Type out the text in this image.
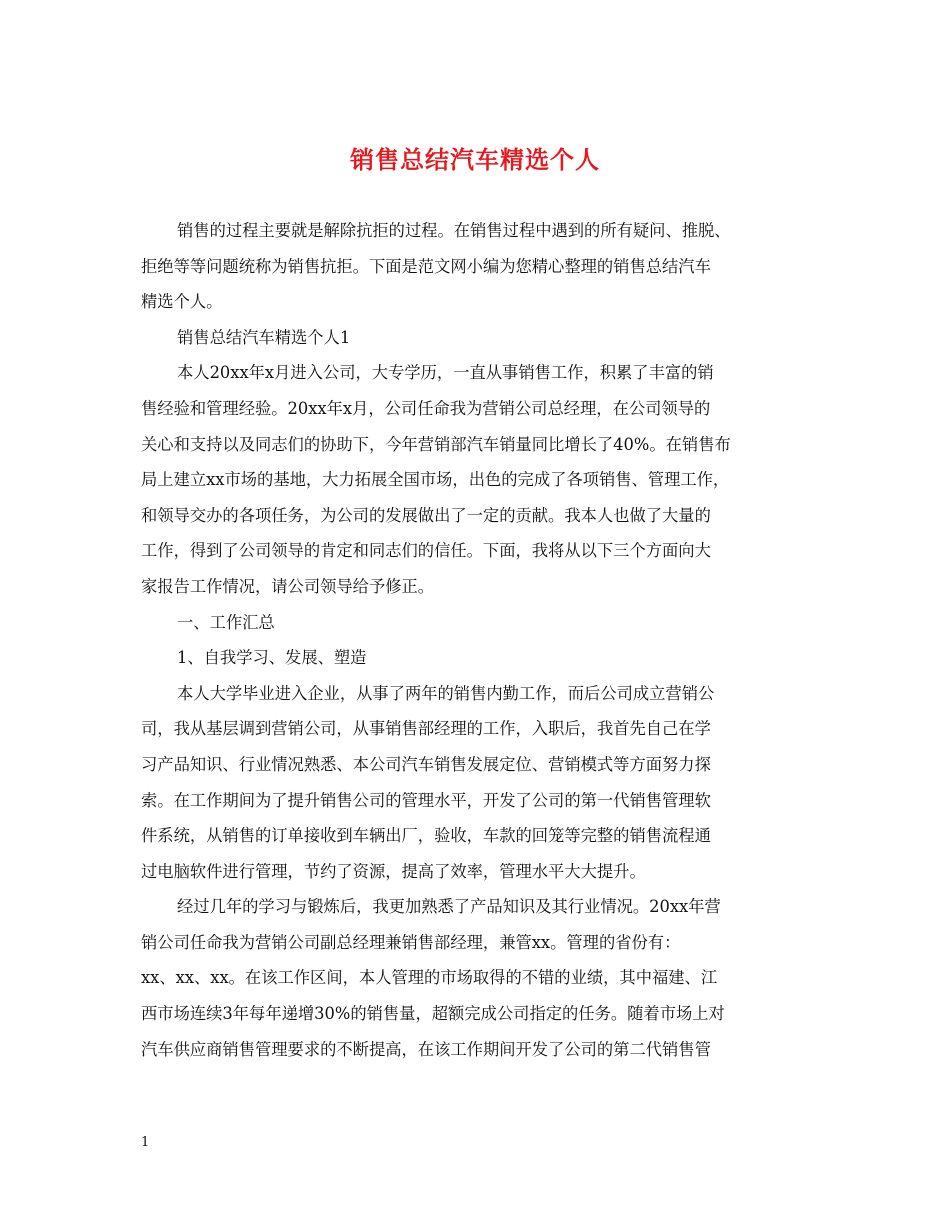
销售总结汽车精选个人
销售的过程主要就是解除抗拒的过程。在销售过程中遇到的所有疑问、推脱、
拒绝等等问题统称为销售抗拒。下面是范文网小编为您精心整理的销售总结汽车
精选个人。
销售总结汽车精选个人1
本人20xx年x月进入公司，大专学历，一直从事销售工作，积累了丰富的销
售经验和管理经验。20xx年x月，公司任命我为营销公司总经理，在公司领导的
关心和支持以及同志们的协助下，今年营销部汽车销量同比增长了40%。在销售布
局上建立xx市场的基地，大力拓展全国市场，出色的完成了各项销售、管理工作，
和领导交办的各项任务，为公司的发展做出了一定的贡献。我本人也做了大量的
工作，得到了公司领导的肯定和同志们的信任。下面，我将从以下三个方面向大
家报告工作情况，请公司领导给予修正。
一、工作汇总
1、自我学习、发展、塑造
本人大学毕业进入企业，从事了两年的销售内勤工作，而后公司成立营销公
司，我从基层调到营销公司，从事销售部经理的工作，入职后，我首先自己在学
习产品知识、行业情况熟悉、本公司汽车销售发展定位、营销模式等方面努力探
索。在工作期间为了提升销售公司的管理水平，开发了公司的第一代销售管理软
件系统，从销售的订单接收到车辆出厂，验收，车款的回笼等完整的销售流程通
过电脑软件进行管理，节约了资源，提高了效率，管理水平大大提升。
经过几年的学习与锻炼后，我更加熟悉了产品知识及其行业情况。20xx年营
销公司任命我为营销公司副总经理兼销售部经理，兼管xx。管理的省份有：
xx、xx、xx。在该工作区间，本人管理的市场取得的不错的业绩，其中福建、江
西市场连续3年每年递增30%的销售量，超额完成公司指定的任务。随着市场上对
汽车供应商销售管理要求的不断提高，在该工作期间开发了公司的第二代销售管
1
